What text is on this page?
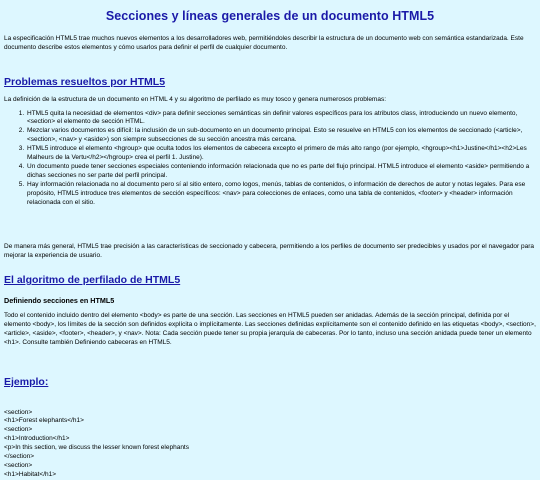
Secciones y líneas generales de un documento HTML5

La especificación HTML5 trae muchos nuevos elementos a los desarrolladores web, permitiéndoles describir la estructura de un documento web con semántica estandarizada. Este documento describe estos elementos y cómo usarlos para definir el perfil de cualquier documento.

Problemas resueltos por HTML5

La definición de la estructura de un documento en HTML 4 y su algoritmo de perfilado es muy tosco y genera numerosos problemas:

1. HTML5 quita la necesidad de elementos <div> para definir secciones semánticas sin definir valores específicos para los atributos class, introduciendo un nuevo elemento, <section> el elemento de sección HTML.
2. Mezclar varios documentos es difícil: la inclusión de un sub-documento en un documento principal. Esto se resuelve en HTML5 con los elementos de seccionado (<article>, <section>, <nav> y <aside>) son siempre subsecciones de su sección ancestra más cercana.
3. HTML5 introduce el elemento <hgroup> que oculta todos los elementos de cabecera excepto el primero de más alto rango (por ejemplo, <hgroup><h1>Justine</h1><h2>Les Malheurs de la Vertu</h2></hgroup> crea el perfil 1. Justine).
4. Un documento puede tener secciones especiales conteniendo información relacionada que no es parte del flujo principal. HTML5 introduce el elemento <aside> permitiendo a dichas secciones no ser parte del perfil principal.
5. Hay información relacionada no al documento pero sí al sitio entero, como logos, menús, tablas de contenidos, o información de derechos de autor y notas legales. Para ese propósito, HTML5 introduce tres elementos de sección específicos: <nav> para colecciones de enlaces, como una tabla de contenidos, <footer> y <header> información relacionada con el sitio.

De manera más general, HTML5 trae precisión a las características de seccionado y cabecera, permitiendo a los perfiles de documento ser predecibles y usados por el navegador para mejorar la experiencia de usuario.

El algoritmo de perfilado de HTML5
Definiendo secciones en HTML5

Todo el contenido incluido dentro del elemento <body> es parte de una sección. Las secciones en HTML5 pueden ser anidadas. Además de la sección principal, definida por el elemento <body>, los límites de la sección son definidos explícita o implícitamente. Las secciones definidas explícitamente son el contenido definido en las etiquetas <body>, <section>, <article>, <aside>, <footer>, <header>, y <nav>. Nota: Cada sección puede tener su propia jerarquía de cabeceras. Por lo tanto, incluso una sección anidada puede tener un elemento <h1>. Consulte también Definiendo cabeceras en HTML5.

Ejemplo:
<section>
<h1>Forest elephants</h1>
<section>
<h1>Introduction</h1>
<p>In this section, we discuss the lesser known forest elephants
</section>
<section>
<h1>Habitat</h1>
